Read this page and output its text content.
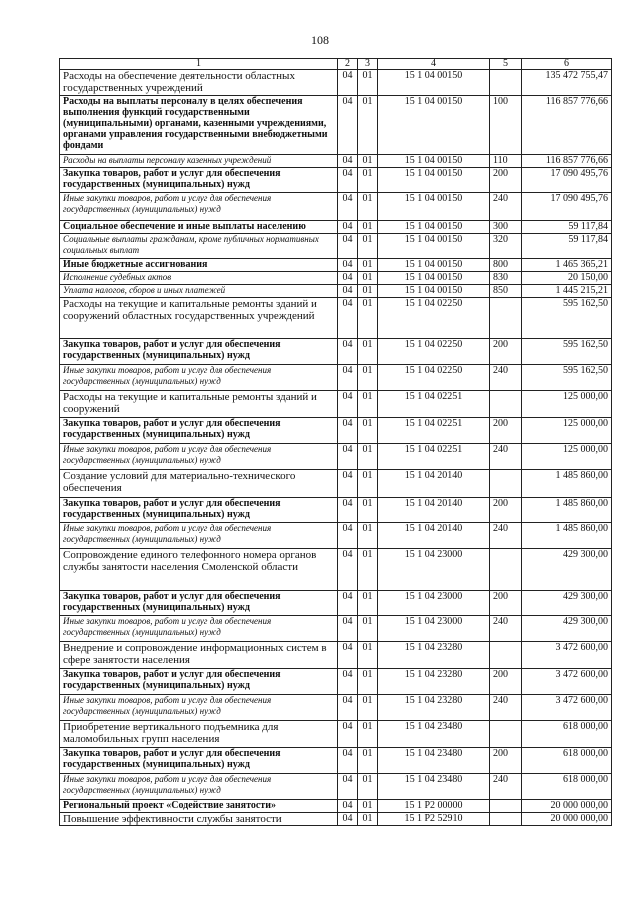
108
1	2	3	4	5	6
Расходы на обеспечение деятельности областных государственных учреждений	04	01	15 1 04 00150		135 472 755,47
Расходы на выплаты персоналу в целях обеспечения выполнения функций государственными (муниципальными) органами, казенными учреждениями, органами управления государственными внебюджетными фондами	04	01	15 1 04 00150	100	116 857 776,66
Расходы на выплаты персоналу казенных учреждений	04	01	15 1 04 00150	110	116 857 776,66
Закупка товаров, работ и услуг для обеспечения государственных (муниципальных) нужд	04	01	15 1 04 00150	200	17 090 495,76
Иные закупки товаров, работ и услуг для обеспечения государственных (муниципальных) нужд	04	01	15 1 04 00150	240	17 090 495,76
Социальное обеспечение и иные выплаты населению	04	01	15 1 04 00150	300	59 117,84
Социальные выплаты гражданам, кроме публичных нормативных социальных выплат	04	01	15 1 04 00150	320	59 117,84
Иные бюджетные ассигнования	04	01	15 1 04 00150	800	1 465 365,21
Исполнение судебных актов	04	01	15 1 04 00150	830	20 150,00
Уплата налогов, сборов и иных платежей	04	01	15 1 04 00150	850	1 445 215,21
Расходы на текущие и капитальные ремонты зданий и сооружений областных государственных учреждений	04	01	15 1 04 02250		595 162,50
Закупка товаров, работ и услуг для обеспечения государственных (муниципальных) нужд	04	01	15 1 04 02250	200	595 162,50
Иные закупки товаров, работ и услуг для обеспечения государственных (муниципальных) нужд	04	01	15 1 04 02250	240	595 162,50
Расходы на текущие и капитальные ремонты зданий и сооружений	04	01	15 1 04 02251		125 000,00
Закупка товаров, работ и услуг для обеспечения государственных (муниципальных) нужд	04	01	15 1 04 02251	200	125 000,00
Иные закупки товаров, работ и услуг для обеспечения государственных (муниципальных) нужд	04	01	15 1 04 02251	240	125 000,00
Создание условий для материально-технического обеспечения	04	01	15 1 04 20140		1 485 860,00
Закупка товаров, работ и услуг для обеспечения государственных (муниципальных) нужд	04	01	15 1 04 20140	200	1 485 860,00
Иные закупки товаров, работ и услуг для обеспечения государственных (муниципальных) нужд	04	01	15 1 04 20140	240	1 485 860,00
Сопровождение единого телефонного номера органов службы занятости населения Смоленской области	04	01	15 1 04 23000		429 300,00
Закупка товаров, работ и услуг для обеспечения государственных (муниципальных) нужд	04	01	15 1 04 23000	200	429 300,00
Иные закупки товаров, работ и услуг для обеспечения государственных (муниципальных) нужд	04	01	15 1 04 23000	240	429 300,00
Внедрение и сопровождение информационных систем в сфере занятости населения	04	01	15 1 04 23280		3 472 600,00
Закупка товаров, работ и услуг для обеспечения государственных (муниципальных) нужд	04	01	15 1 04 23280	200	3 472 600,00
Иные закупки товаров, работ и услуг для обеспечения государственных (муниципальных) нужд	04	01	15 1 04 23280	240	3 472 600,00
Приобретение вертикального подъемника для маломобильных групп населения	04	01	15 1 04 23480		618 000,00
Закупка товаров, работ и услуг для обеспечения государственных (муниципальных) нужд	04	01	15 1 04 23480	200	618 000,00
Иные закупки товаров, работ и услуг для обеспечения государственных (муниципальных) нужд	04	01	15 1 04 23480	240	618 000,00
Региональный проект «Содействие занятости»	04	01	15 1 P2 00000		20 000 000,00
Повышение эффективности службы занятости	04	01	15 1 P2 52910		20 000 000,00
